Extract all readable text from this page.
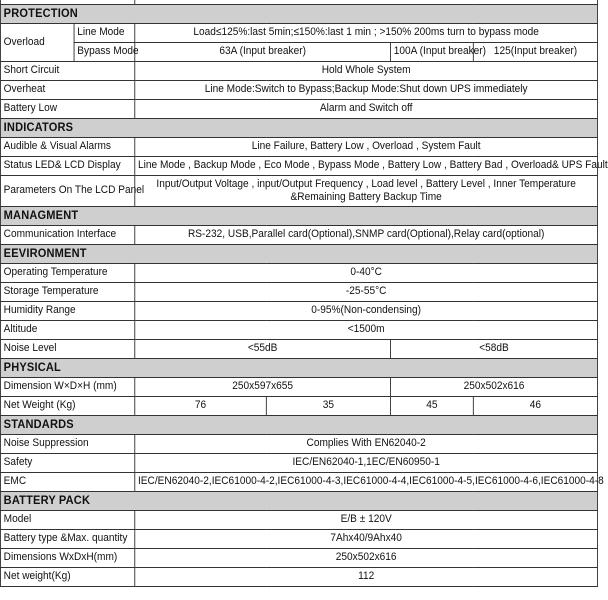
PROTECTION					
Overload	Line Mode	Load≤125%:last 5min;≤150%:last 1 min ; >150% 200ms turn to bypass mode			
	Bypass Mode	63A (Input breaker)		100A (Input breaker)	125(Input breaker)
Short Circuit		Hold Whole System			
Overheat		Line Mode:Switch to Bypass;Backup Mode:Shut down UPS immediately			
Battery Low		Alarm and Switch off			
INDICATORS					
Audible & Visual Alarms		Line Failure, Battery Low , Overload , System Fault			
Status LED& LCD Display		Line Mode , Backup Mode , Eco Mode , Bypass Mode , Battery Low , Battery Bad , Overload& UPS Fault			
Parameters On The LCD Panel		Input/Output Voltage , input/Output Frequency , Load level , Battery Level , Inner Temperature &Remaining Battery Backup Time			
MANAGMENT					
Communication Interface		RS-232, USB,Parallel card(Optional),SNMP card(Optional),Relay card(optional)			
EEVIRONMENT					
Operating Temperature		0-40°C			
Storage Temperature		-25-55°C			
Humidity Range		0-95%(Non-condensing)			
Altitude		<1500m			
Noise Level		<55dB		<58dB	
PHYSICAL					
Dimension W×D×H (mm)		250x597x655		250x502x616	
Net Weight (Kg)		76	35	45	46
STANDARDS					
Noise Suppression		Complies With EN62040-2			
Safety		IEC/EN62040-1,1EC/EN60950-1			
EMC		IEC/EN62040-2,IEC61000-4-2,IEC61000-4-3,IEC61000-4-4,IEC61000-4-5,IEC61000-4-6,IEC61000-4-8			
BATTERY PACK					
Model		E/B ± 120V			
Battery type &Max. quantity		7Ahx40/9Ahx40			
Dimensions WxDxH(mm)		250x502x616			
Net weight(Kg)		112			
